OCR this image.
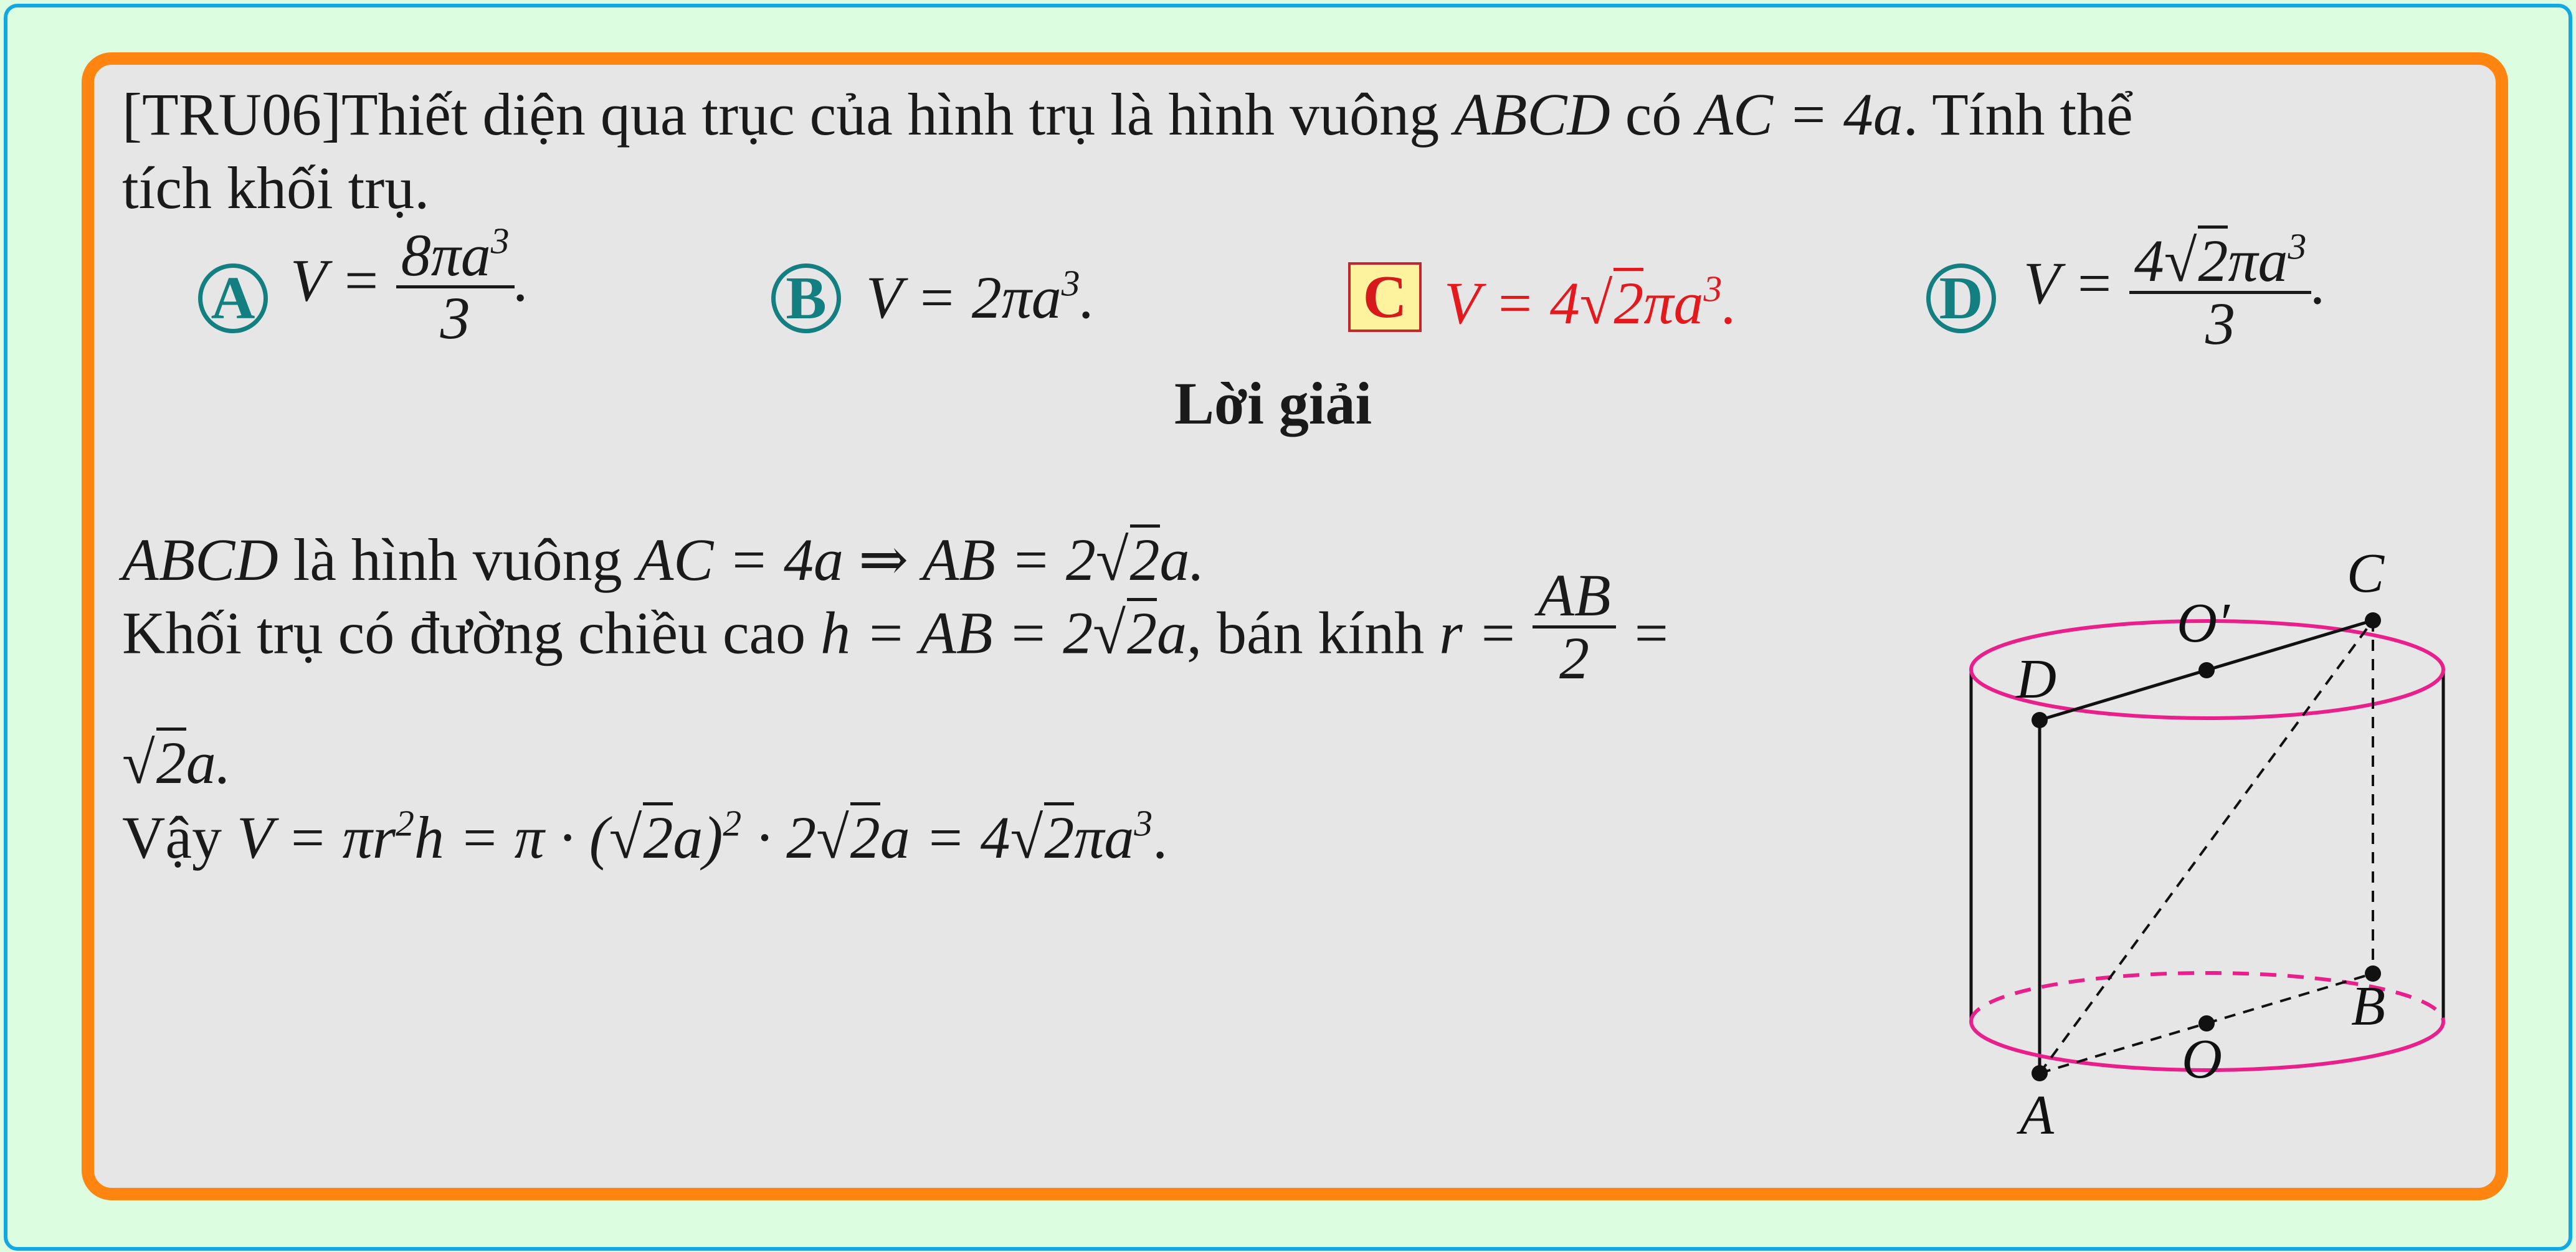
[TRU06]Thiết diện qua trục của hình trụ là hình vuông ABCD có AC = 4a. Tính thể
tích khối trụ.
A $V = \frac{8\pi a^3}{3}$ .	B $V = 2\pi a^3$.	C $V = 4√2\pi a^3$.	D $V = \frac{4√2\pi a^3}{3}$ .
Lời giải
ABCD là hình vuông AC = 4a ⇒ AB = 2√2a.
Khối trụ có đường chiều cao h = AB = 2√2a, bán kính $r = \frac{AB}{2}$ =
√2a.
Vậy $V = \pi r^2h = \pi \cdot (√2a)^2 \cdot 2√2a = 4√2\pi a^3$.
A
B
C
D
O
O′
